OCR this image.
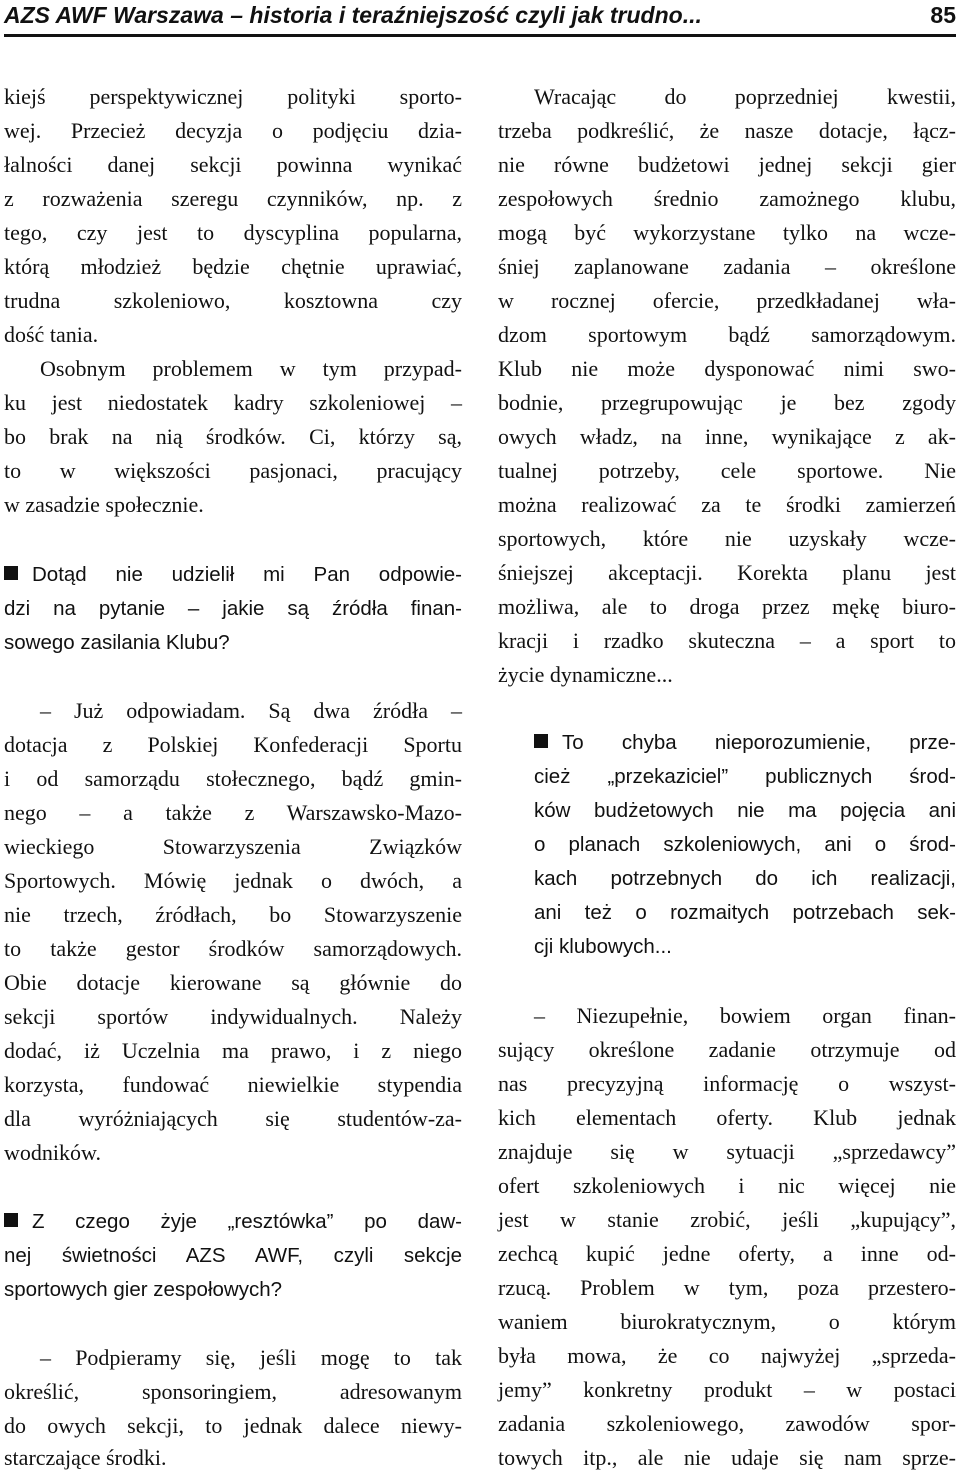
AZS AWF Warszawa – historia i teraźniejszość czyli jak trudno...	85
kiejś perspektywicznej polityki sporto-
wej. Przecież decyzja o podjęciu dzia-
łalności danej sekcji powinna wynikać
z rozważenia szeregu czynników, np. z
tego, czy jest to dyscyplina popularna,
którą młodzież będzie chętnie uprawiać,
trudna szkoleniowo, kosztowna czy
dość tania.
Osobnym problemem w tym przypad-
ku jest niedostatek kadry szkoleniowej –
bo brak na nią środków. Ci, którzy są,
to w większości pasjonaci, pracujący
w zasadzie społecznie.
Dotąd nie udzielił mi Pan odpowie-
dzi na pytanie – jakie są źródła finan-
sowego zasilania Klubu?
– Już odpowiadam. Są dwa źródła –
dotacja z Polskiej Konfederacji Sportu
i od samorządu stołecznego, bądź gmin-
nego – a także z Warszawsko-Mazo-
wieckiego Stowarzyszenia Związków
Sportowych. Mówię jednak o dwóch, a
nie trzech, źródłach, bo Stowarzyszenie
to także gestor środków samorządowych.
Obie dotacje kierowane są głównie do
sekcji sportów indywidualnych. Należy
dodać, iż Uczelnia ma prawo, i z niego
korzysta, fundować niewielkie stypendia
dla wyróżniających się studentów-za-
wodników.
Z czego żyje „resztówka” po daw-
nej świetności AZS AWF, czyli sekcje
sportowych gier zespołowych?
– Podpieramy się, jeśli mogę to tak
określić, sponsoringiem, adresowanym
do owych sekcji, to jednak dalece niewy-
starczające środki.
Wracając do poprzedniej kwestii,
trzeba podkreślić, że nasze dotacje, łącz-
nie równe budżetowi jednej sekcji gier
zespołowych średnio zamożnego klubu,
mogą być wykorzystane tylko na wcze-
śniej zaplanowane zadania – określone
w rocznej ofercie, przedkładanej wła-
dzom sportowym bądź samorządowym.
Klub nie może dysponować nimi swo-
bodnie, przegrupowując je bez zgody
owych władz, na inne, wynikające z ak-
tualnej potrzeby, cele sportowe. Nie
można realizować za te środki zamierzeń
sportowych, które nie uzyskały wcze-
śniejszej akceptacji. Korekta planu jest
możliwa, ale to droga przez mękę biuro-
kracji i rzadko skuteczna – a sport to
życie dynamiczne...
To chyba nieporozumienie, prze-
cież „przekaziciel” publicznych środ-
ków budżetowych nie ma pojęcia ani
o planach szkoleniowych, ani o środ-
kach potrzebnych do ich realizacji,
ani też o rozmaitych potrzebach sek-
cji klubowych...
– Niezupełnie, bowiem organ finan-
sujący określone zadanie otrzymuje od
nas precyzyjną informację o wszyst-
kich elementach oferty. Klub jednak
znajduje się w sytuacji „sprzedawcy”
ofert szkoleniowych i nic więcej nie
jest w stanie zrobić, jeśli „kupujący”,
zechcą kupić jedne oferty, a inne od-
rzucą. Problem w tym, poza przestero-
waniem biurokratycznym, o którym
była mowa, że co najwyżej „sprzeda-
jemy” konkretny produkt – w postaci
zadania szkoleniowego, zawodów spor-
towych itp., ale nie udaje się nam sprze-
